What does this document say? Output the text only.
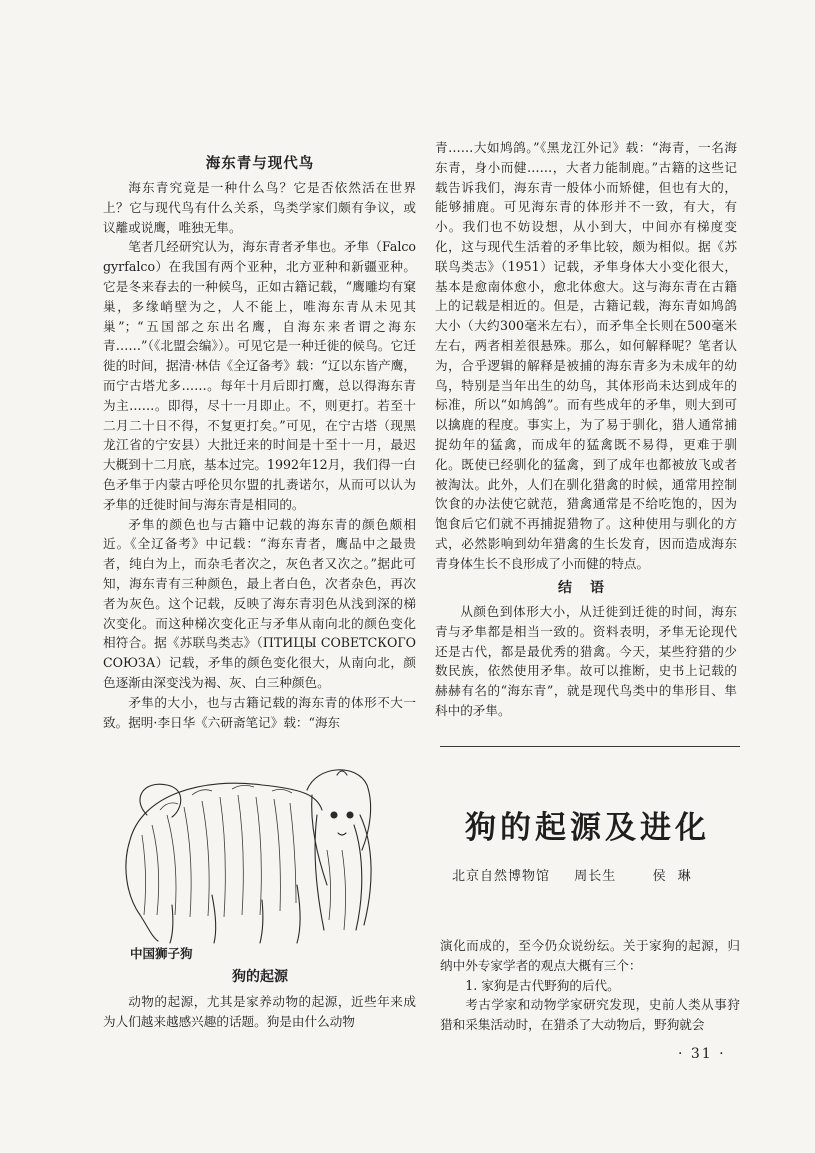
海东青与现代鸟

海东青究竟是一种什么鸟？它是否依然活在世界上？它与现代鸟有什么关系，鸟类学家们颇有争议，或议離或说鹰，唯独无隼。

笔者几经研究认为，海东青者矛隼也。矛隼（Falco gyrfalco）在我国有两个亚种，北方亚种和新疆亚种。它是冬来春去的一种候鸟，正如古籍记载，“鹰雕均有窠巢，多缘峭壁为之，人不能上，唯海东青从未见其巢”；“五国部之东出名鹰，自海东来者谓之海东青……”（《北盟会编》）。可见它是一种迁徙的候鸟。它迁徙的时间，据清·林佶《全辽备考》载：“辽以东皆产鹰，而宁古塔尤多……。每年十月后即打鹰，总以得海东青为主……。即得，尽十一月即止。不，则更打。若至十二月二十日不得，不复更打矣。”可见，在宁古塔（现黑龙江省的宁安县）大批迁来的时间是十至十一月，最迟大概到十二月底，基本过完。1992年12月，我们得一白色矛隼于内蒙古呼伦贝尔盟的扎赉诺尔，从而可以认为矛隼的迁徙时间与海东青是相同的。

矛隼的颜色也与古籍中记载的海东青的颜色颇相近。《全辽备考》中记载：“海东青者，鹰品中之最贵者，纯白为上，而杂毛者次之，灰色者又次之。”据此可知，海东青有三种颜色，最上者白色，次者杂色，再次者为灰色。这个记载，反映了海东青羽色从浅到深的梯次变化。而这种梯次变化正与矛隼从南向北的颜色变化相符合。据《苏联鸟类志》（ПТИЦЫ СОВЕТСКОГО СОЮЗА）记载，矛隼的颜色变化很大，从南向北，颜色逐渐由深变浅为褐、灰、白三种颜色。

矛隼的大小，也与古籍记载的海东青的体形不大一致。据明·李日华《六研斋笔记》载：“海东

青……大如鸠鸽。”《黑龙江外记》载：“海青，一名海东青，身小而健……，大者力能制鹿。”古籍的这些记载告诉我们，海东青一般体小而矫健，但也有大的，能够捕鹿。可见海东青的体形并不一致，有大，有小。我们也不妨设想，从小到大，中间亦有梯度变化，这与现代生活着的矛隼比较，颇为相似。据《苏联鸟类志》（1951）记载，矛隼身体大小变化很大，基本是愈南体愈小，愈北体愈大。这与海东青在古籍上的记载是相近的。但是，古籍记载，海东青如鸠鸽大小（大约300毫米左右），而矛隼全长则在500毫米左右，两者相差很悬殊。那么，如何解释呢？笔者认为，合乎逻辑的解释是被捕的海东青多为未成年的幼鸟，特别是当年出生的幼鸟，其体形尚未达到成年的标准，所以“如鸠鸽”。而有些成年的矛隼，则大到可以擒鹿的程度。事实上，为了易于驯化，猎人通常捕捉幼年的猛禽，而成年的猛禽既不易得，更难于驯化。既使已经驯化的猛禽，到了成年也都被放飞或者被淘汰。此外，人们在驯化猎禽的时候，通常用控制饮食的办法使它就范，猎禽通常是不给吃饱的，因为饱食后它们就不再捕捉猎物了。这种使用与驯化的方式，必然影响到幼年猎禽的生长发育，因而造成海东青身体生长不良形成了小而健的特点。

结语

从颜色到体形大小，从迁徙到迁徙的时间，海东青与矛隼都是相当一致的。资料表明，矛隼无论现代还是古代，都是最优秀的猎禽。今天，某些狩猎的少数民族，依然使用矛隼。故可以推断，史书上记载的赫赫有名的“海东青”，就是现代鸟类中的隼形目、隼科中的矛隼。

狗的起源及进化
北京自然博物馆 周长生	侯琳
中国狮子狗
狗的起源

动物的起源，尤其是家养动物的起源，近些年来成为人们越来越感兴趣的话题。狗是由什么动物

演化而成的，至今仍众说纷纭。关于家狗的起源，归纳中外专家学者的观点大概有三个：

1. 家狗是古代野狗的后代。

考古学家和动物学家研究发现，史前人类从事狩猎和采集活动时，在猎杀了大动物后，野狗就会

· 31 ·
